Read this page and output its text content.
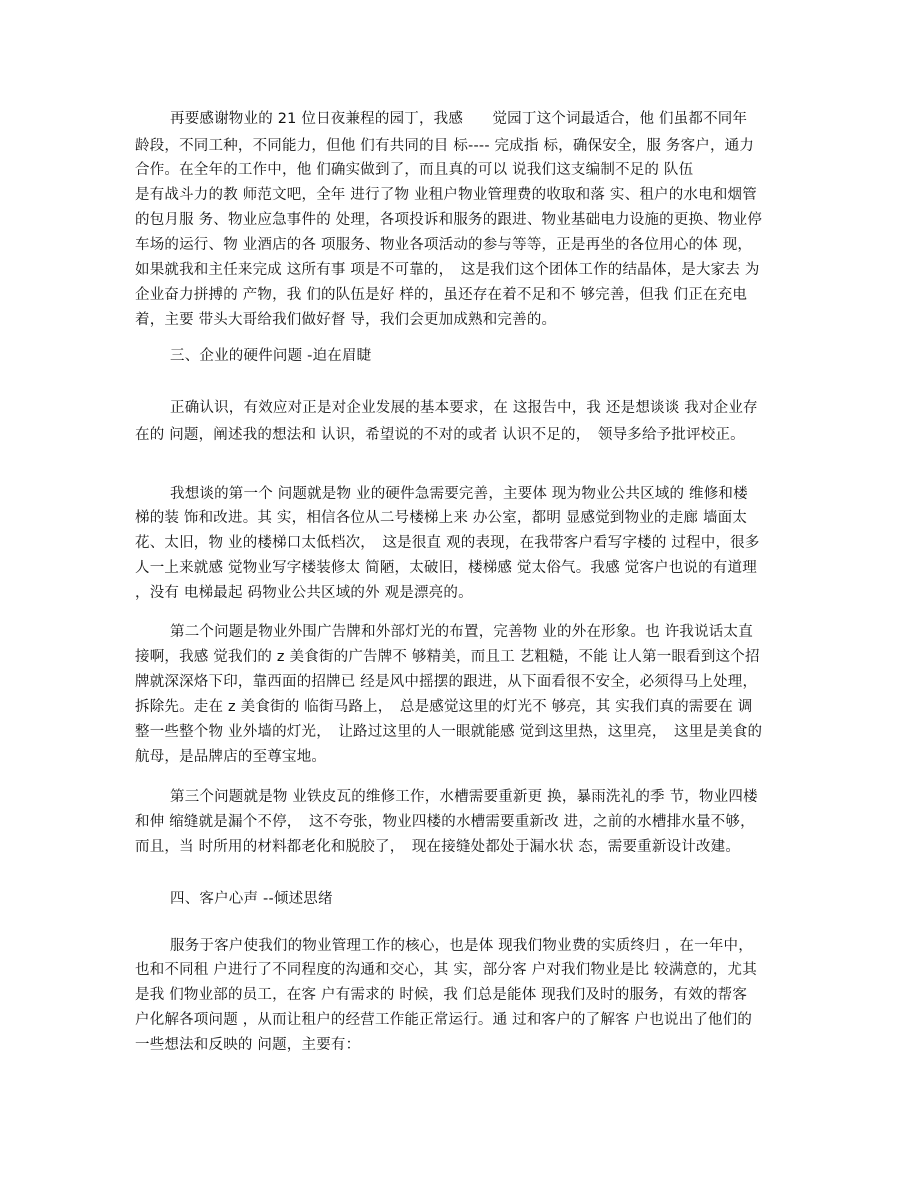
再要感谢物业的 21 位日夜兼程的园丁，我感　　觉园丁这个词最适合，他 们虽都不同年
龄段，不同工种，不同能力，但他 们有共同的目 标---- 完成指 标，确保安全，服 务客户，通力
合作。在全年的工作中，他 们确实做到了，而且真的可以 说我们这支编制不足的 队伍
是有战斗力的教 师范文吧，全年 进行了物 业租户物业管理费的收取和落 实、租户的水电和烟管
的包月服 务、物业应急事件的 处理，各项投诉和服务的跟进、物业基础电力设施的更换、物业停
车场的运行、物 业酒店的各 项服务、物业各项活动的参与等等，正是再坐的各位用心的体 现，
如果就我和主任来完成 这所有事 项是不可靠的，　这是我们这个团体工作的结晶体，是大家去 为
企业奋力拼搏的 产物，我 们的队伍是好 样的，虽还存在着不足和不 够完善，但我 们正在充电
着，主要 带头大哥给我们做好督 导，我们会更加成熟和完善的。
三、企业的硬件问题 -迫在眉睫
正确认识，有效应对正是对企业发展的基本要求，在 这报告中，我 还是想谈谈 我对企业存
在的 问题，阐述我的想法和 认识，希望说的不对的或者 认识不足的，　领导多给予批评校正。
我想谈的第一个 问题就是物 业的硬件急需要完善，主要体 现为物业公共区域的 维修和楼
梯的装 饰和改进。其 实，相信各位从二号楼梯上来 办公室，都明 显感觉到物业的走廊 墙面太
花、太旧，物 业的楼梯口太低档次，　这是很直 观的表现，在我带客户看写字楼的 过程中，很多
人一上来就感 觉物业写字楼装修太 简陋，太破旧，楼梯感 觉太俗气。我感 觉客户也说的有道理
，没有 电梯最起 码物业公共区域的外 观是漂亮的。
第二个问题是物业外围广告牌和外部灯光的布置，完善物 业的外在形象。也 许我说话太直
接啊，我感 觉我们的 z 美食街的广告牌不 够精美，而且工 艺粗糙，不能 让人第一眼看到这个招
牌就深深烙下印，靠西面的招牌已 经是风中摇摆的跟进，从下面看很不安全，必须得马上处理，
拆除先。走在 z 美食街的 临街马路上，　总是感觉这里的灯光不 够亮，其 实我们真的需要在 调
整一些整个物 业外墙的灯光，　让路过这里的人一眼就能感 觉到这里热，这里亮，　这里是美食的
航母，是品牌店的至尊宝地。
第三个问题就是物 业铁皮瓦的维修工作，水槽需要重新更 换，暴雨洗礼的季 节，物业四楼
和伸 缩缝就是漏个不停，　这不夸张，物业四楼的水槽需要重新改 进，之前的水槽排水量不够，
而且，当 时所用的材料都老化和脱胶了，　现在接缝处都处于漏水状 态，需要重新设计改建。
四、客户心声 --倾述思绪
服务于客户使我们的物业管理工作的核心，也是体 现我们物业费的实质终归 ，在一年中，
也和不同租 户进行了不同程度的沟通和交心，其 实，部分客 户对我们物业是比 较满意的，尤其
是我 们物业部的员工，在客 户有需求的 时候，我 们总是能体 现我们及时的服务，有效的帮客
户化解各项问题 ，从而让租户的经营工作能正常运行。通 过和客户的了解客 户也说出了他们的
一些想法和反映的 问题，主要有：
